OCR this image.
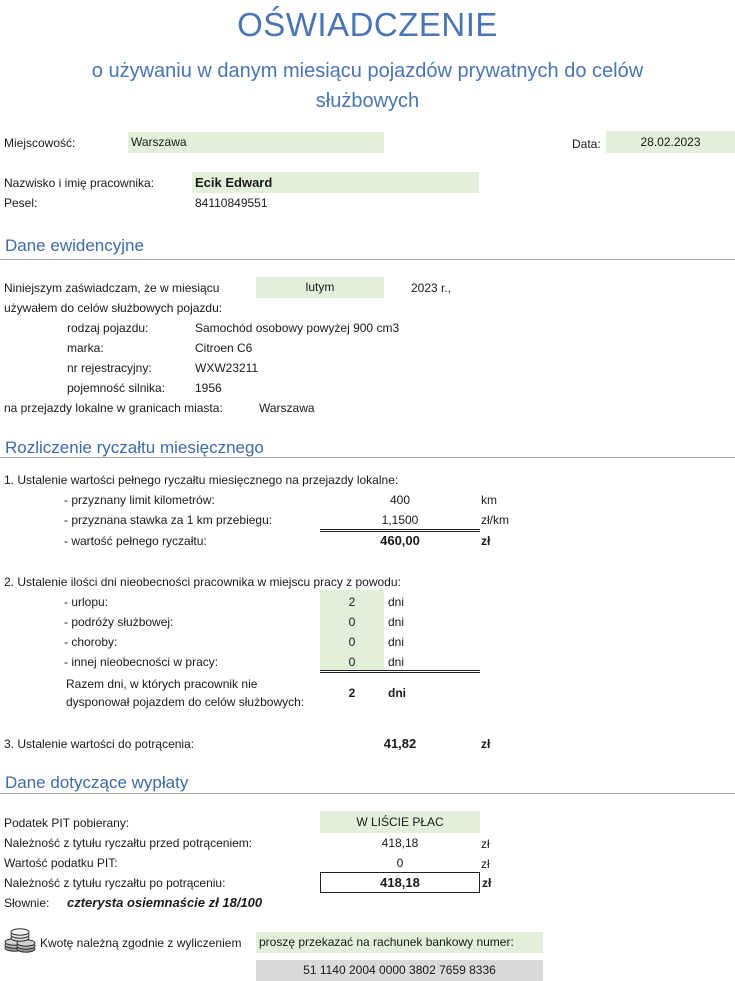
OŚWIADCZENIE
o używaniu w danym miesiącu pojazdów prywatnych do celów służbowych
Miejscowość:	Warszawa	Data:	28.02.2023
Nazwisko i imię pracownika:	Ecik Edward
Pesel:	84110849551
Dane ewidencyjne
Niniejszym zaświadczam, że w miesiącu	lutym	2023 r.,
używałem do celów służbowych pojazdu:
rodzaj pojazdu:	Samochód osobowy powyżej 900 cm3
marka:	Citroen C6
nr rejestracyjny:	WXW23211
pojemność silnika: 1956
na przejazdy lokalne w granicach miasta:	Warszawa
Rozliczenie ryczałtu miesięcznego
1. Ustalenie wartości pełnego ryczałtu miesięcznego na przejazdy lokalne:
- przyznany limit kilometrów:	400	km
- przyznana stawka za 1 km przebiegu:	1,1500	zł/km
- wartość pełnego ryczałtu:	460,00	zł
2. Ustalenie ilości dni nieobecności pracownika w miejscu pracy z powodu:
- urlopu:	2	dni
- podróży służbowej:	0	dni
- choroby:	0	dni
- innej nieobecności w pracy:	0	dni
Razem dni, w których pracownik nie
dysponował pojazdem do celów służbowych:
2	dni
3. Ustalenie wartości do potrącenia:	41,82	zł
Dane dotyczące wypłaty
Podatek PIT pobierany:	W LIŚCIE PŁAC
Należność z tytułu ryczałtu przed potrąceniem:	418,18	zł
Wartość podatku PIT:	0	zł
Należność z tytułu ryczałtu po potrąceniu:	418,18	zł
Słownie: czterysta osiemnaście zł 18/100
Kwotę należną zgodnie z wyliczeniem proszę przekazać na rachunek bankowy numer:
51 1140 2004 0000 3802 7659 8336
